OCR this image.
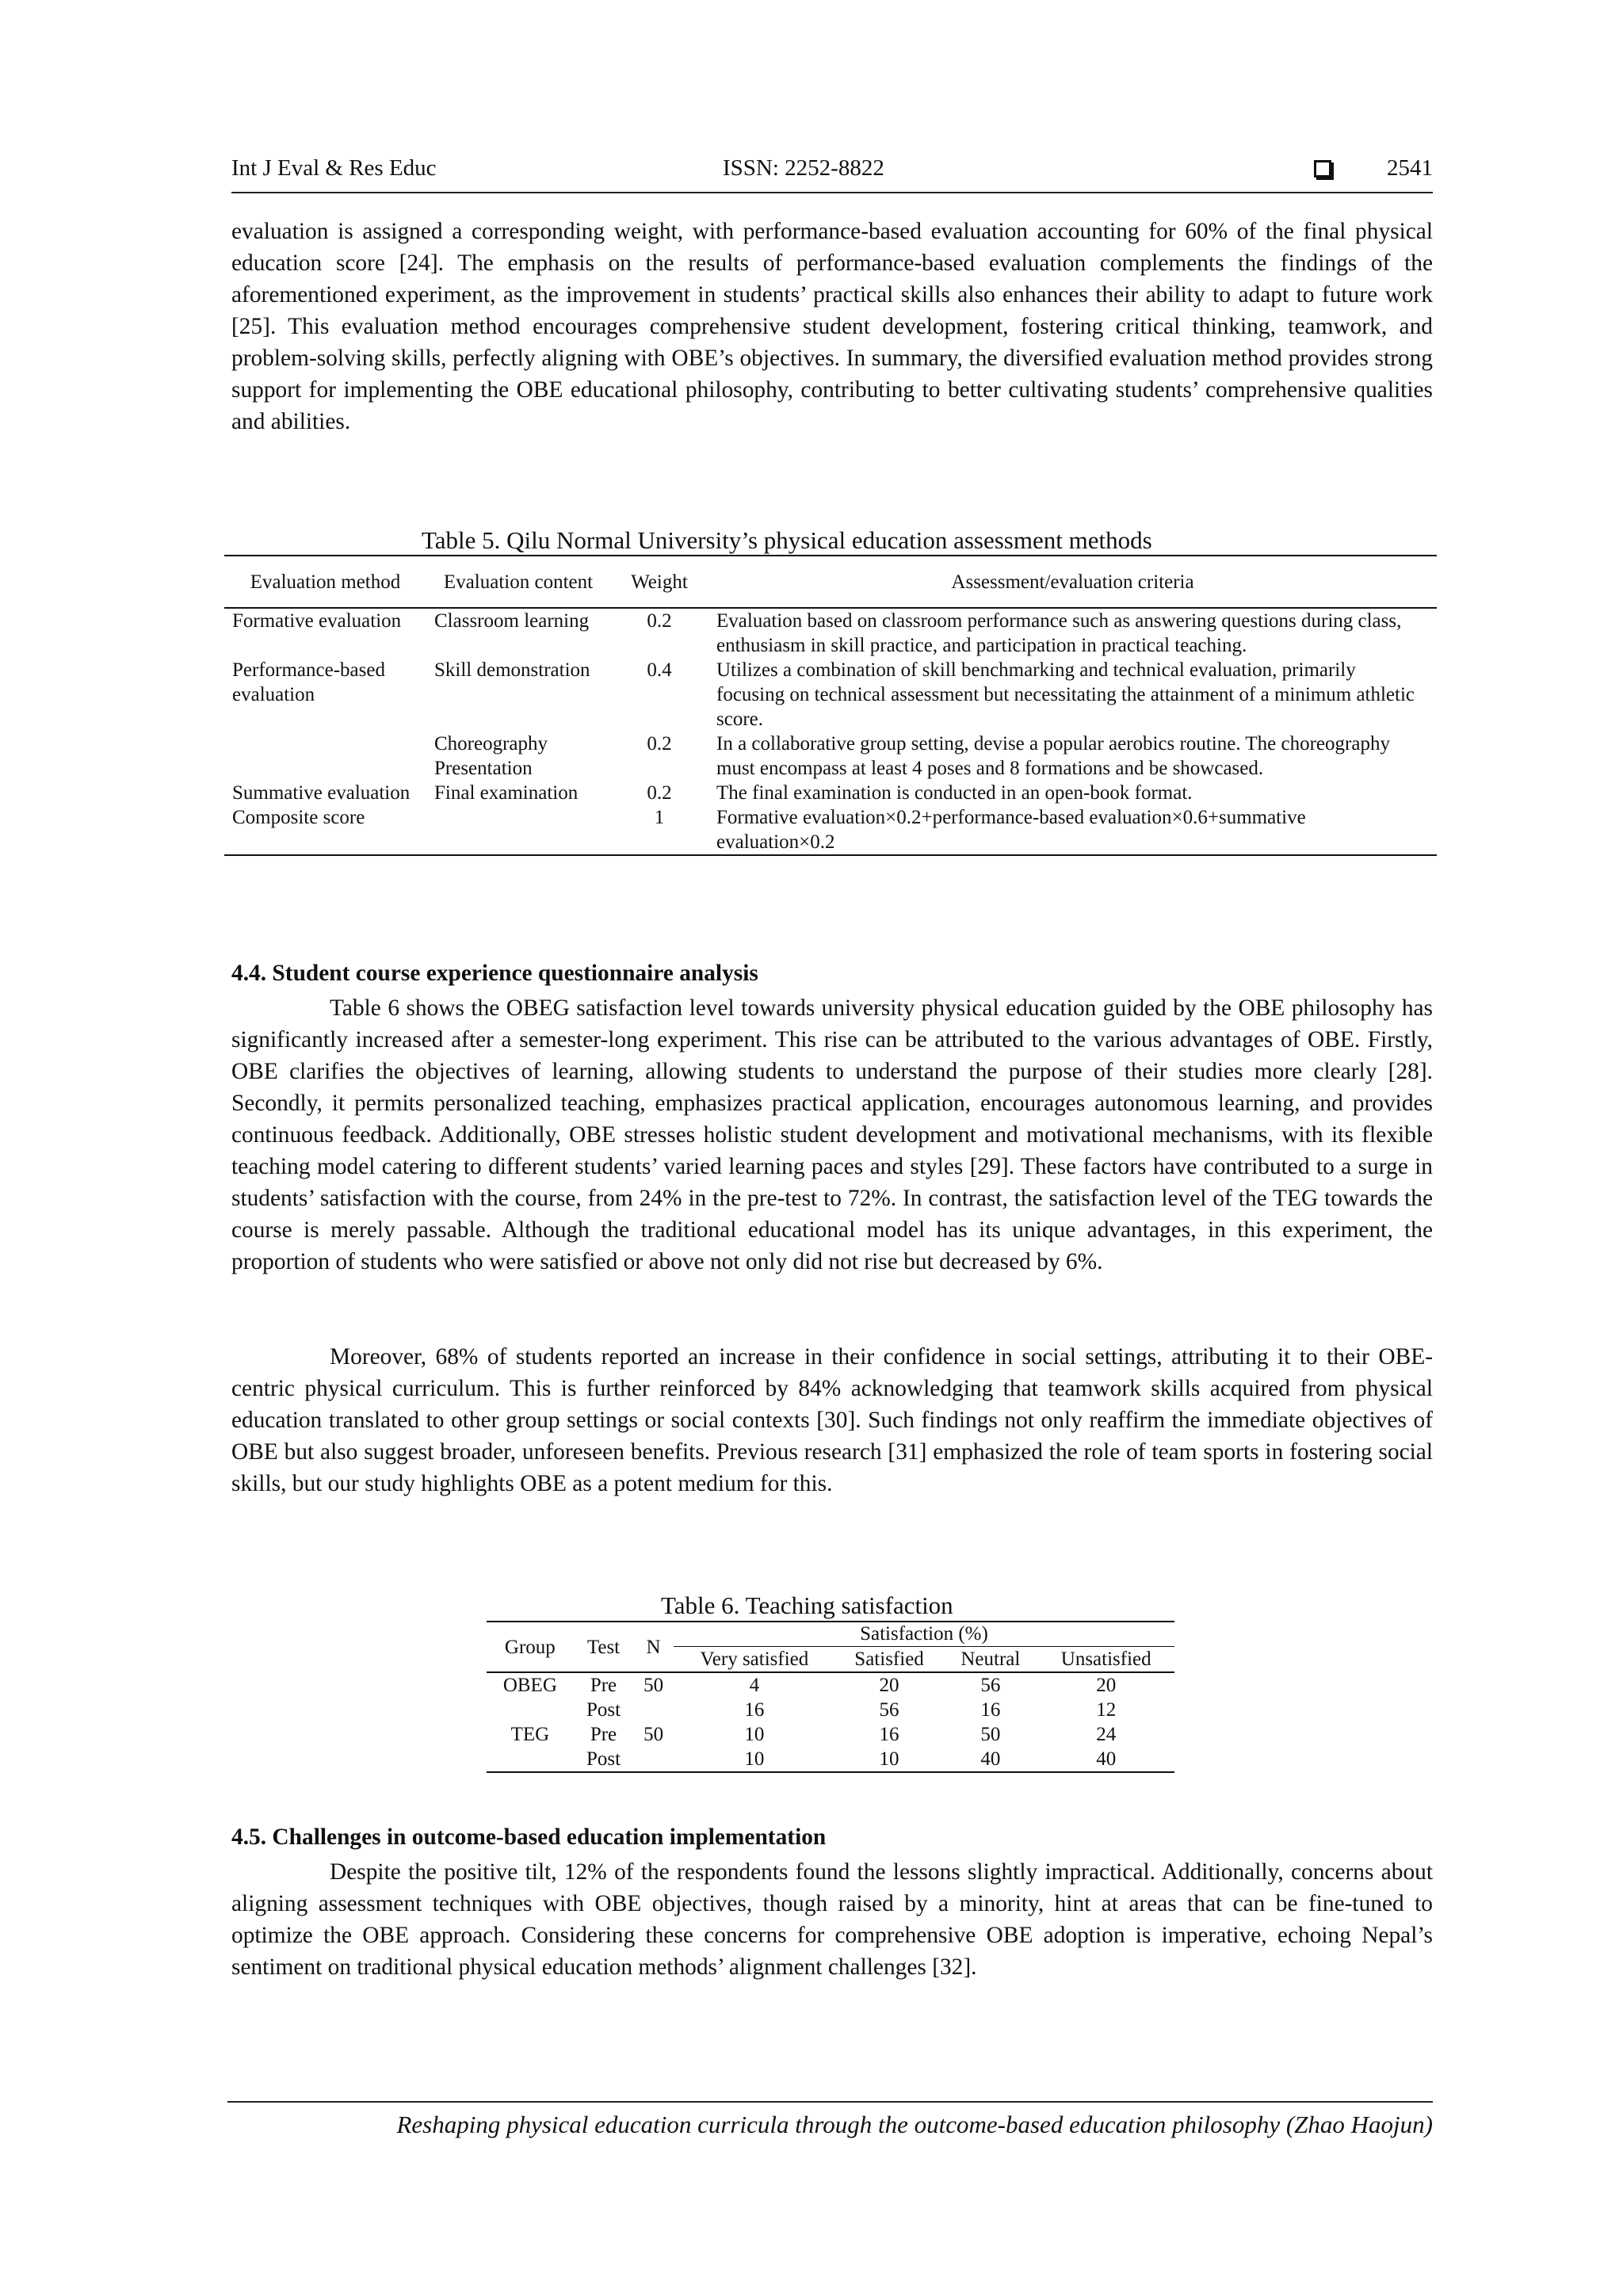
Int J Eval & Res Educ	ISSN: 2252-8822	2541
evaluation is assigned a corresponding weight, with performance-based evaluation accounting for 60% of the final physical education score [24]. The emphasis on the results of performance-based evaluation complements the findings of the aforementioned experiment, as the improvement in students’ practical skills also enhances their ability to adapt to future work [25]. This evaluation method encourages comprehensive student development, fostering critical thinking, teamwork, and problem-solving skills, perfectly aligning with OBE’s objectives. In summary, the diversified evaluation method provides strong support for implementing the OBE educational philosophy, contributing to better cultivating students’ comprehensive qualities and abilities.
Table 5. Qilu Normal University’s physical education assessment methods
Evaluation method	Evaluation content	Weight	Assessment/evaluation criteria
Formative evaluation	Classroom learning	0.2	Evaluation based on classroom performance such as answering questions during class, enthusiasm in skill practice, and participation in practical teaching.
Performance-based evaluation	Skill demonstration	0.4	Utilizes a combination of skill benchmarking and technical evaluation, primarily focusing on technical assessment but necessitating the attainment of a minimum athletic score.
	Choreography Presentation	0.2	In a collaborative group setting, devise a popular aerobics routine. The choreography must encompass at least 4 poses and 8 formations and be showcased.
Summative evaluation	Final examination	0.2	The final examination is conducted in an open-book format.
Composite score		1	Formative evaluation×0.2+performance-based evaluation×0.6+summative evaluation×0.2
4.4. Student course experience questionnaire analysis
Table 6 shows the OBEG satisfaction level towards university physical education guided by the OBE philosophy has significantly increased after a semester-long experiment. This rise can be attributed to the various advantages of OBE. Firstly, OBE clarifies the objectives of learning, allowing students to understand the purpose of their studies more clearly [28]. Secondly, it permits personalized teaching, emphasizes practical application, encourages autonomous learning, and provides continuous feedback. Additionally, OBE stresses holistic student development and motivational mechanisms, with its flexible teaching model catering to different students’ varied learning paces and styles [29]. These factors have contributed to a surge in students’ satisfaction with the course, from 24% in the pre-test to 72%. In contrast, the satisfaction level of the TEG towards the course is merely passable. Although the traditional educational model has its unique advantages, in this experiment, the proportion of students who were satisfied or above not only did not rise but decreased by 6%.
Moreover, 68% of students reported an increase in their confidence in social settings, attributing it to their OBE-centric physical curriculum. This is further reinforced by 84% acknowledging that teamwork skills acquired from physical education translated to other group settings or social contexts [30]. Such findings not only reaffirm the immediate objectives of OBE but also suggest broader, unforeseen benefits. Previous research [31] emphasized the role of team sports in fostering social skills, but our study highlights OBE as a potent medium for this.
Table 6. Teaching satisfaction
Group	Test	N	Satisfaction (%)			
			Very satisfied	Satisfied	Neutral	Unsatisfied
OBEG	Pre	50	4	20	56	20
	Post		16	56	16	12
TEG	Pre	50	10	16	50	24
	Post		10	10	40	40
4.5. Challenges in outcome-based education implementation
Despite the positive tilt, 12% of the respondents found the lessons slightly impractical. Additionally, concerns about aligning assessment techniques with OBE objectives, though raised by a minority, hint at areas that can be fine-tuned to optimize the OBE approach. Considering these concerns for comprehensive OBE adoption is imperative, echoing Nepal’s sentiment on traditional physical education methods’ alignment challenges [32].
Reshaping physical education curricula through the outcome-based education philosophy (Zhao Haojun)
